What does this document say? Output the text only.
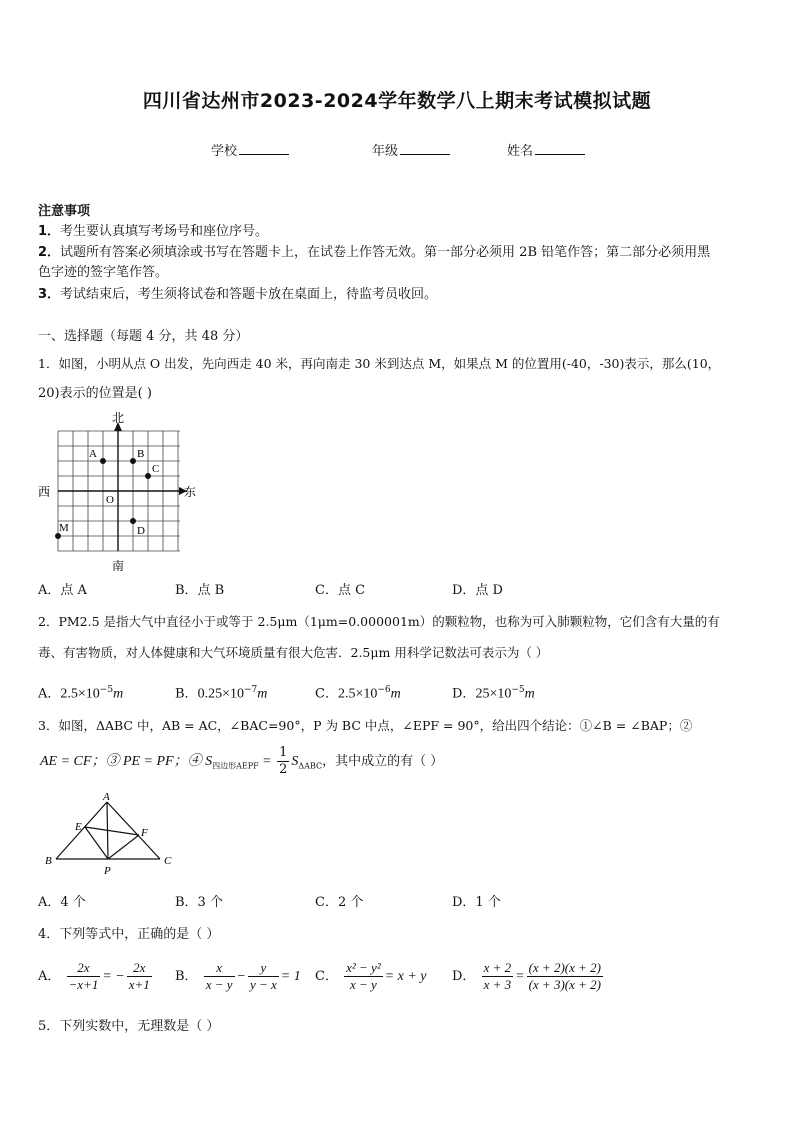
四川省达州市2023-2024学年数学八上期末考试模拟试题
学校	年级	姓名
注意事项
1．考生要认真填写考场号和座位序号。
2．试题所有答案必须填涂或书写在答题卡上，在试卷上作答无效。第一部分必须用 2B 铅笔作答；第二部分必须用黑
色字迹的签字笔作答。
3．考试结束后，考生须将试卷和答题卡放在桌面上，待监考员收回。
一、选择题（每题 4 分，共 48 分）
1．如图，小明从点 O 出发，先向西走 40 米，再向南走 30 米到达点 M，如果点 M 的位置用(-40，-30)表示，那么(10，
20)表示的位置是( )
北
南
西	东
A	B
C
D
M
O
A．点 A	B．点 B	C．点 C	D．点 D
2．PM2.5 是指大气中直径小于或等于 2.5μm（1μm=0.000001m）的颗粒物，也称为可入肺颗粒物，它们含有大量的有
毒、有害物质，对人体健康和大气环境质量有很大危害．2.5μm 用科学记数法可表示为（ ）
A．$2.5\times 10^{-5}m$	B．$0.25\times 10^{-7}m$	C．$2.5\times 10^{-6}m$	D．$25\times 10^{-5}m$
3．如图，ΔABC 中，AB = AC，∠BAC=90°，P 为 BC 中点，∠EPF = 90°，给出四个结论：①∠B = ∠BAP；②
AE = CF；③ PE = PF；④ $S_{四边形AEPF} = \frac{1}{2} S_{\Delta ABC}$，其中成立的有（ ）
A
B	C
E	F
P
A．4 个	B．3 个	C．2 个	D．1 个
4．下列等式中，正确的是（ ）
A． $\frac{2x}{-x+1}$ = − $\frac{2x}{x+1}$ B． $\frac{x}{x - y} - \frac{y}{y - x} = 1$ C． $\frac{\text{x² − y²}}{x - y} = x + y$ D． $\frac{x + 2}{x + 3} = \frac{(x + 2)(x + 2)}{(x + 3)(x + 2)}$
5．下列实数中，无理数是（ ）
